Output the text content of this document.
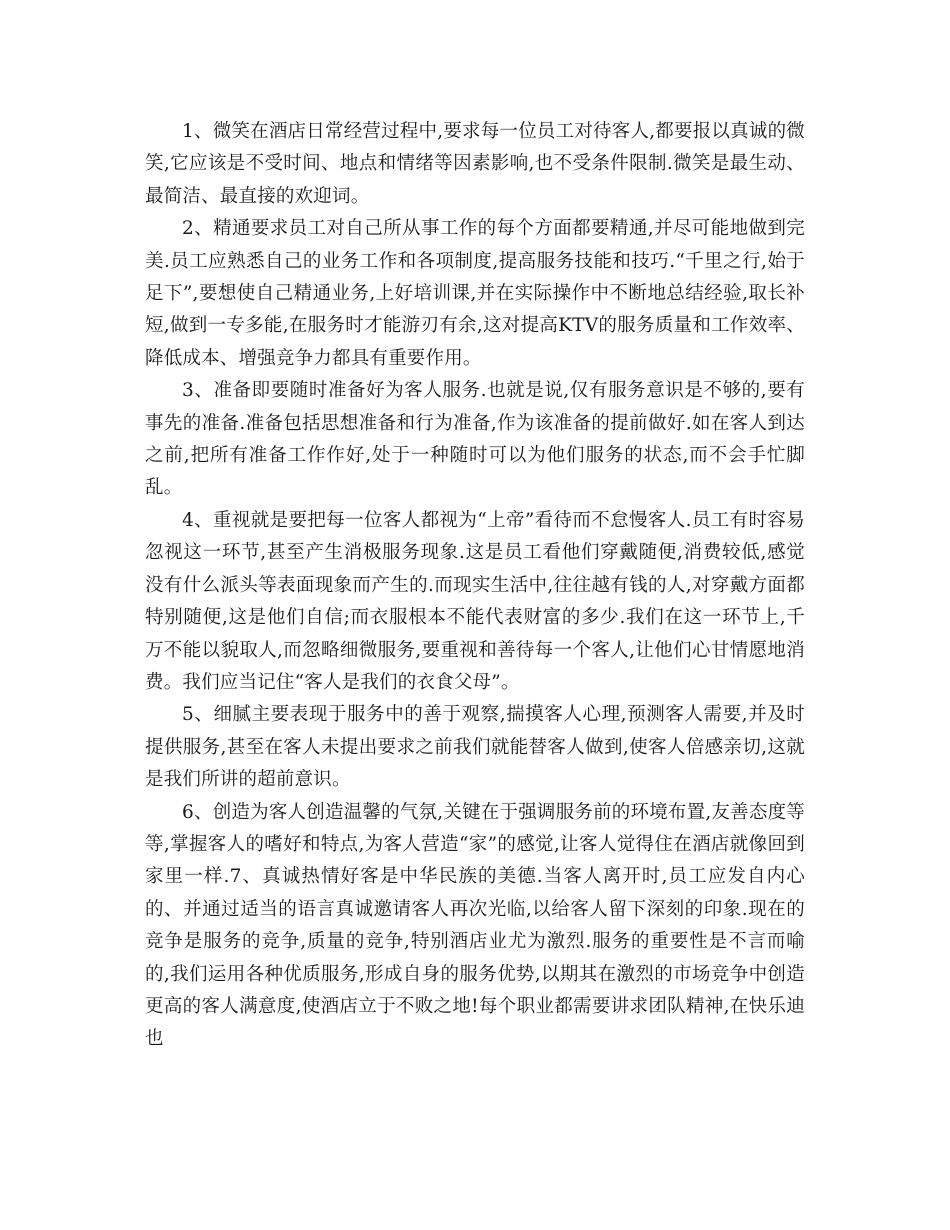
1、微笑在酒店日常经营过程中,要求每一位员工对待客人,都要报以真诚的微笑,它应该是不受时间、地点和情绪等因素影响,也不受条件限制.微笑是最生动、最简洁、最直接的欢迎词。

2、精通要求员工对自己所从事工作的每个方面都要精通,并尽可能地做到完美.员工应熟悉自己的业务工作和各项制度,提高服务技能和技巧.“千里之行,始于足下”,要想使自己精通业务,上好培训课,并在实际操作中不断地总结经验,取长补短,做到一专多能,在服务时才能游刃有余,这对提高KTV的服务质量和工作效率、降低成本、增强竞争力都具有重要作用。

3、准备即要随时准备好为客人服务.也就是说,仅有服务意识是不够的,要有事先的准备.准备包括思想准备和行为准备,作为该准备的提前做好.如在客人到达之前,把所有准备工作作好,处于一种随时可以为他们服务的状态,而不会手忙脚乱。

4、重视就是要把每一位客人都视为“上帝”看待而不怠慢客人.员工有时容易忽视这一环节,甚至产生消极服务现象.这是员工看他们穿戴随便,消费较低,感觉没有什么派头等表面现象而产生的.而现实生活中,往往越有钱的人,对穿戴方面都特别随便,这是他们自信;而衣服根本不能代表财富的多少.我们在这一环节上,千万不能以貌取人,而忽略细微服务,要重视和善待每一个客人,让他们心甘情愿地消费。我们应当记住“客人是我们的衣食父母”。

5、细腻主要表现于服务中的善于观察,揣摸客人心理,预测客人需要,并及时提供服务,甚至在客人未提出要求之前我们就能替客人做到,使客人倍感亲切,这就是我们所讲的超前意识。

6、创造为客人创造温馨的气氛,关键在于强调服务前的环境布置,友善态度等等,掌握客人的嗜好和特点,为客人营造“家”的感觉,让客人觉得住在酒店就像回到家里一样.7、真诚热情好客是中华民族的美德.当客人离开时,员工应发自内心的、并通过适当的语言真诚邀请客人再次光临,以给客人留下深刻的印象.现在的竞争是服务的竞争,质量的竞争,特别酒店业尤为激烈.服务的重要性是不言而喻的,我们运用各种优质服务,形成自身的服务优势,以期其在激烈的市场竞争中创造更高的客人满意度,使酒店立于不败之地!每个职业都需要讲求团队精神,在快乐迪也
